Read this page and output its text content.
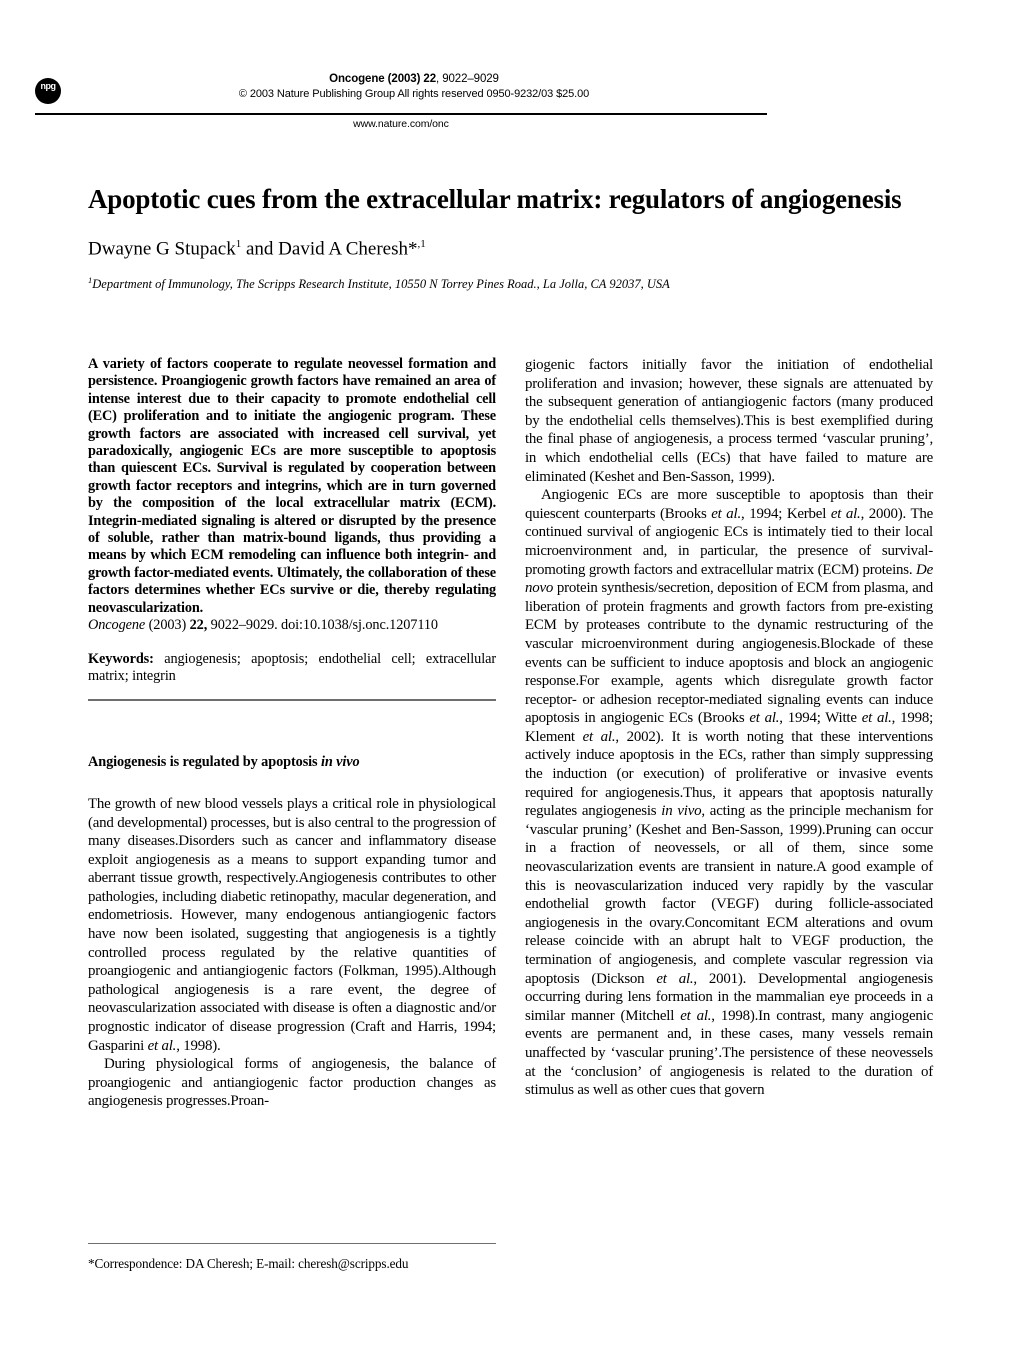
npg
Oncogene (2003) 22, 9022–9029
© 2003 Nature Publishing Group All rights reserved 0950-9232/03 $25.00
www.nature.com/onc
Apoptotic cues from the extracellular matrix: regulators of angiogenesis
Dwayne G Stupack$^1$ and David A Cheresh*$^{,1}$
$^1$Department of Immunology, The Scripps Research Institute, 10550 N Torrey Pines Road., La Jolla, CA 92037, USA

A variety of factors cooperate to regulate neovessel formation and persistence. Proangiogenic growth factors have remained an area of intense interest due to their capacity to promote endothelial cell (EC) proliferation and to initiate the angiogenic program. These growth factors are associated with increased cell survival, yet paradoxically, angiogenic ECs are more susceptible to apoptosis than quiescent ECs. Survival is regulated by cooperation between growth factor receptors and integrins, which are in turn governed by the composition of the local extracellular matrix (ECM). Integrin-mediated signaling is altered or disrupted by the presence of soluble, rather than matrix-bound ligands, thus providing a means by which ECM remodeling can influence both integrin- and growth factor-mediated events. Ultimately, the collaboration of these factors determines whether ECs survive or die, thereby regulating neovascularization.

Oncogene (2003) 22, 9022–9029. doi:10.1038/sj.onc.1207110

Keywords: angiogenesis; apoptosis; endothelial cell; extracellular matrix; integrin

Angiogenesis is regulated by apoptosis in vivo

The growth of new blood vessels plays a critical role in physiological (and developmental) processes, but is also central to the progression of many diseases.Disorders such as cancer and inflammatory disease exploit angiogenesis as a means to support expanding tumor and aberrant tissue growth, respectively.Angiogenesis contributes to other pathologies, including diabetic retinopathy, macular degeneration, and endometriosis. However, many endogenous antiangiogenic factors have now been isolated, suggesting that angiogenesis is a tightly controlled process regulated by the relative quantities of proangiogenic and antiangiogenic factors (Folkman, 1995).Although pathological angiogenesis is a rare event, the degree of neovascularization associated with disease is often a diagnostic and/or prognostic indicator of disease progression (Craft and Harris, 1994; Gasparini et al., 1998).

During physiological forms of angiogenesis, the balance of proangiogenic and antiangiogenic factor production changes as angiogenesis progresses.Proan-

giogenic factors initially favor the initiation of endothelial proliferation and invasion; however, these signals are attenuated by the subsequent generation of antiangiogenic factors (many produced by the endothelial cells themselves).This is best exemplified during the final phase of angiogenesis, a process termed ‘vascular pruning’, in which endothelial cells (ECs) that have failed to mature are eliminated (Keshet and Ben-Sasson, 1999).

Angiogenic ECs are more susceptible to apoptosis than their quiescent counterparts (Brooks et al., 1994; Kerbel et al., 2000). The continued survival of angiogenic ECs is intimately tied to their local microenvironment and, in particular, the presence of survival-promoting growth factors and extracellular matrix (ECM) proteins. De novo protein synthesis/secretion, deposition of ECM from plasma, and liberation of protein fragments and growth factors from pre-existing ECM by proteases contribute to the dynamic restructuring of the vascular microenvironment during angiogenesis.Blockade of these events can be sufficient to induce apoptosis and block an angiogenic response.For example, agents which disregulate growth factor receptor- or adhesion receptor-mediated signaling events can induce apoptosis in angiogenic ECs (Brooks et al., 1994; Witte et al., 1998; Klement et al., 2002). It is worth noting that these interventions actively induce apoptosis in the ECs, rather than simply suppressing the induction (or execution) of proliferative or invasive events required for angiogenesis.Thus, it appears that apoptosis naturally regulates angiogenesis in vivo, acting as the principle mechanism for ‘vascular pruning’ (Keshet and Ben-Sasson, 1999).Pruning can occur in a fraction of neovessels, or all of them, since some neovascularization events are transient in nature.A good example of this is neovascularization induced very rapidly by the vascular endothelial growth factor (VEGF) during follicle-associated angiogenesis in the ovary.Concomitant ECM alterations and ovum release coincide with an abrupt halt to VEGF production, the termination of angiogenesis, and complete vascular regression via apoptosis (Dickson et al., 2001). Developmental angiogenesis occurring during lens formation in the mammalian eye proceeds in a similar manner (Mitchell et al., 1998).In contrast, many angiogenic events are permanent and, in these cases, many vessels remain unaffected by ‘vascular pruning’.The persistence of these neovessels at the ‘conclusion’ of angiogenesis is related to the duration of stimulus as well as other cues that govern

*Correspondence: DA Cheresh; E-mail: cheresh@scripps.edu
